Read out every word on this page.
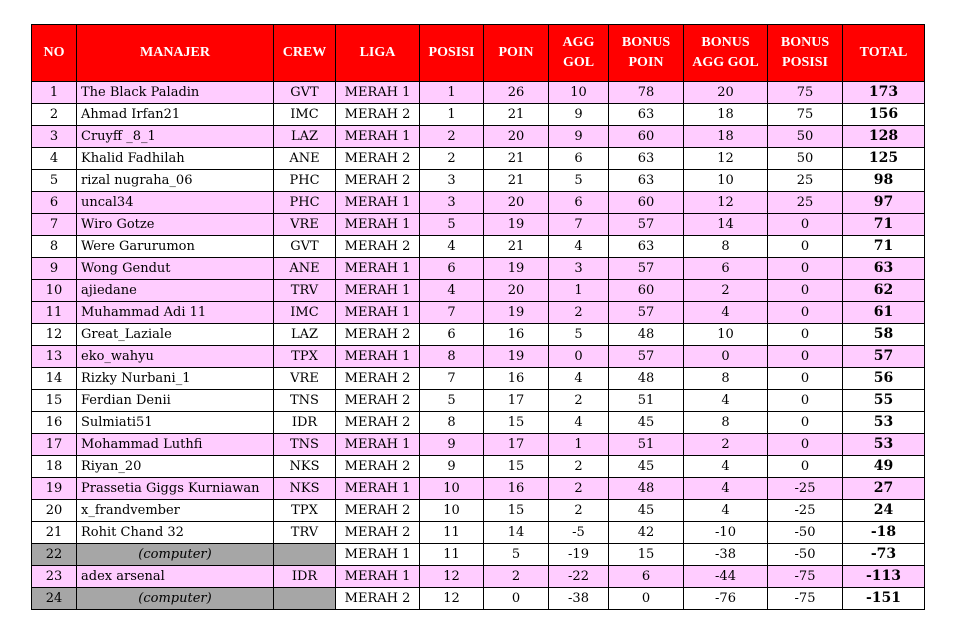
NO	MANAJER	CREW	LIGA	POSISI	POIN	AGG GOL	BONUS POIN	BONUS AGG GOL	BONUS POSISI	TOTAL
1	The Black Paladin	GVT	MERAH 1	1	26	10	78	20	75	173
2	Ahmad Irfan21	IMC	MERAH 2	1	21	9	63	18	75	156
3	Cruyff _8_1	LAZ	MERAH 1	2	20	9	60	18	50	128
4	Khalid Fadhilah	ANE	MERAH 2	2	21	6	63	12	50	125
5	rizal nugraha_06	PHC	MERAH 2	3	21	5	63	10	25	98
6	uncal34	PHC	MERAH 1	3	20	6	60	12	25	97
7	Wiro Gotze	VRE	MERAH 1	5	19	7	57	14	0	71
8	Were Garurumon	GVT	MERAH 2	4	21	4	63	8	0	71
9	Wong Gendut	ANE	MERAH 1	6	19	3	57	6	0	63
10	ajiedane	TRV	MERAH 1	4	20	1	60	2	0	62
11	Muhammad Adi 11	IMC	MERAH 1	7	19	2	57	4	0	61
12	Great_Laziale	LAZ	MERAH 2	6	16	5	48	10	0	58
13	eko_wahyu	TPX	MERAH 1	8	19	0	57	0	0	57
14	Rizky Nurbani_1	VRE	MERAH 2	7	16	4	48	8	0	56
15	Ferdian Denii	TNS	MERAH 2	5	17	2	51	4	0	55
16	Sulmiati51	IDR	MERAH 2	8	15	4	45	8	0	53
17	Mohammad Luthfi	TNS	MERAH 1	9	17	1	51	2	0	53
18	Riyan_20	NKS	MERAH 2	9	15	2	45	4	0	49
19	Prassetia Giggs Kurniawan	NKS	MERAH 1	10	16	2	48	4	-25	27
20	x_frandvember	TPX	MERAH 2	10	15	2	45	4	-25	24
21	Rohit Chand 32	TRV	MERAH 2	11	14	-5	42	-10	-50	-18
22	(computer)		MERAH 1	11	5	-19	15	-38	-50	-73
23	adex arsenal	IDR	MERAH 1	12	2	-22	6	-44	-75	-113
24	(computer)		MERAH 2	12	0	-38	0	-76	-75	-151
